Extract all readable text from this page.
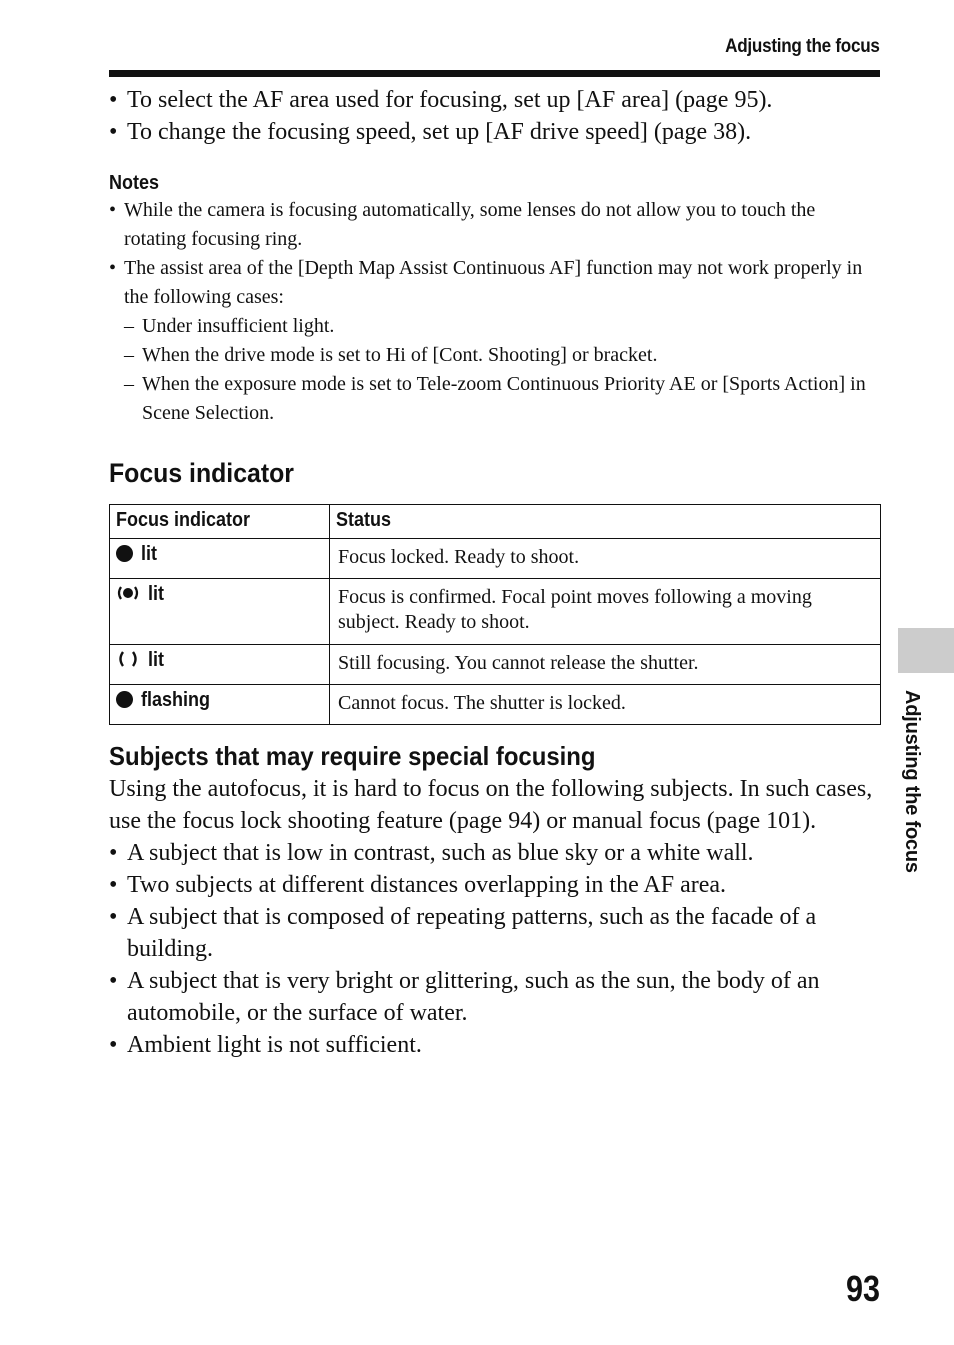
Adjusting the focus
• To select the AF area used for focusing, set up [AF area] (page 95).
• To change the focusing speed, set up [AF drive speed] (page 38).
Notes
• While the camera is focusing automatically, some lenses do not allow you to touch the rotating focusing ring.
• The assist area of the [Depth Map Assist Continuous AF] function may not work properly in the following cases:
– Under insufficient light.
– When the drive mode is set to Hi of [Cont. Shooting] or bracket.
– When the exposure mode is set to Tele-zoom Continuous Priority AE or [Sports Action] in Scene Selection.
Focus indicator
Focus indicator	Status
lit	Focus locked. Ready to shoot.
lit	Focus is confirmed. Focal point moves following a moving subject. Ready to shoot.
lit	Still focusing. You cannot release the shutter.
flashing	Cannot focus. The shutter is locked.
Subjects that may require special focusing
Using the autofocus, it is hard to focus on the following subjects. In such cases, use the focus lock shooting feature (page 94) or manual focus (page 101).
• A subject that is low in contrast, such as blue sky or a white wall.
• Two subjects at different distances overlapping in the AF area.
• A subject that is composed of repeating patterns, such as the facade of a building.
• A subject that is very bright or glittering, such as the sun, the body of an automobile, or the surface of water.
• Ambient light is not sufficient.
Adjusting the focus
93
